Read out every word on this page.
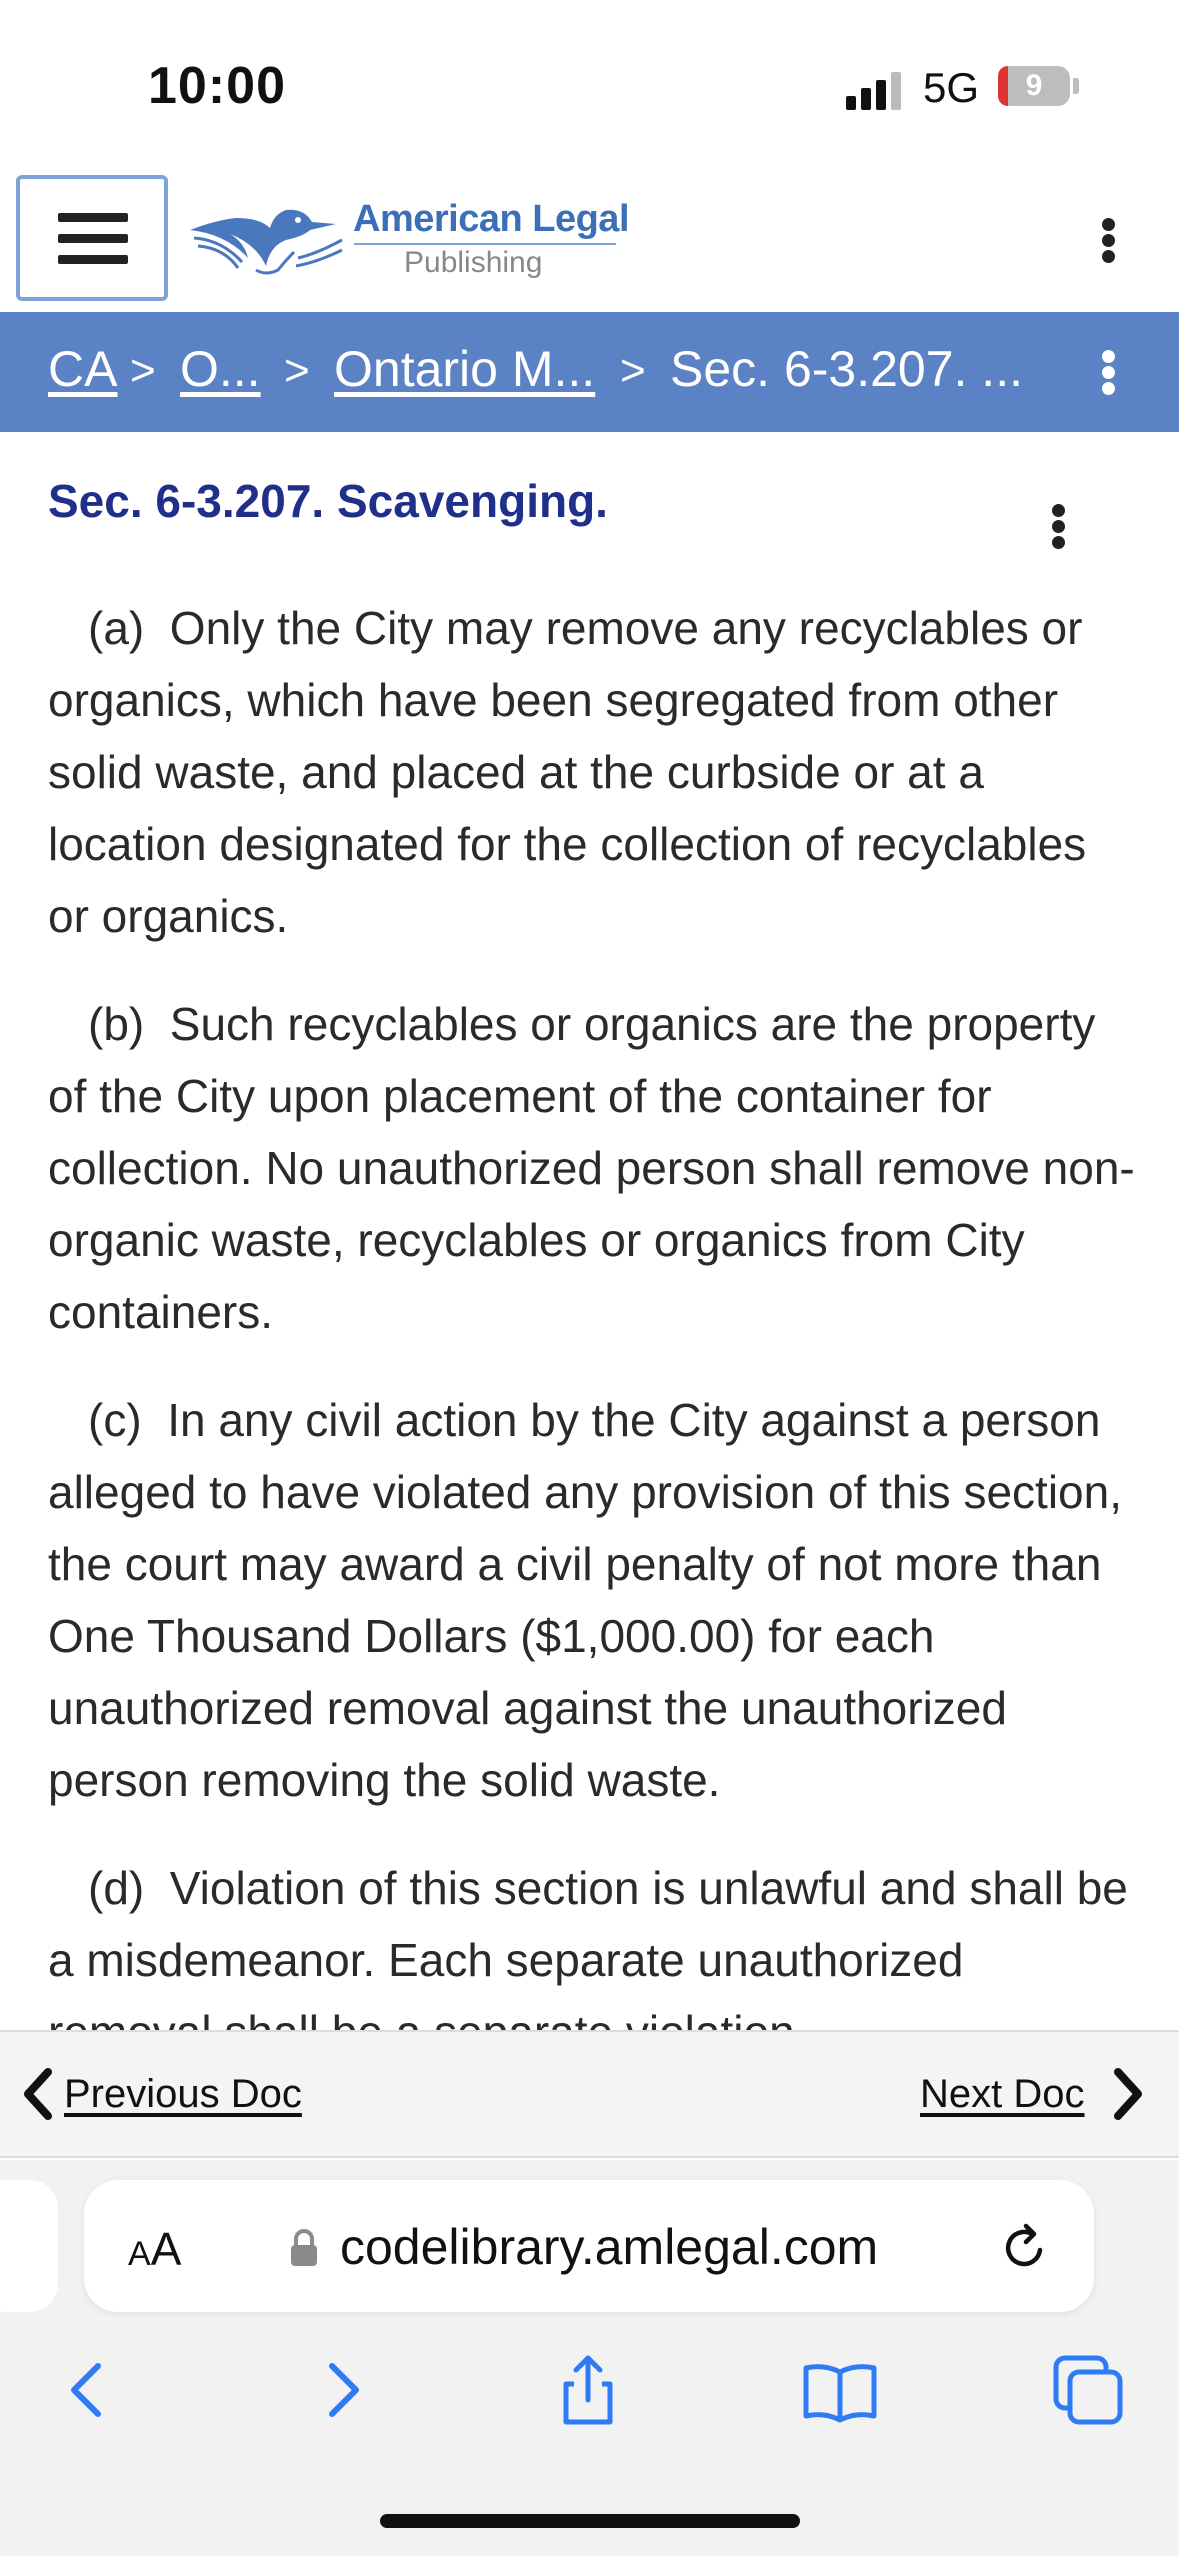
10:00	5G	9
American Legal
Publishing
CA > O... > Ontario M... > Sec. 6-3.207. ...
Sec. 6-3.207. Scavenging.
(a) Only the City may remove any recyclables or organics, which have been segregated from other solid waste, and placed at the curbside or at a location designated for the collection of recyclables or organics.
(b) Such recyclables or organics are the property of the City upon placement of the container for collection. No unauthorized person shall remove non-organic waste, recyclables or organics from City containers.
(c) In any civil action by the City against a person alleged to have violated any provision of this section, the court may award a civil penalty of not more than One Thousand Dollars ($1,000.00) for each unauthorized removal against the unauthorized person removing the solid waste.
(d) Violation of this section is unlawful and shall be a misdemeanor. Each separate unauthorized
Previous Doc	Next Doc
AA	codelibrary.amlegal.com
